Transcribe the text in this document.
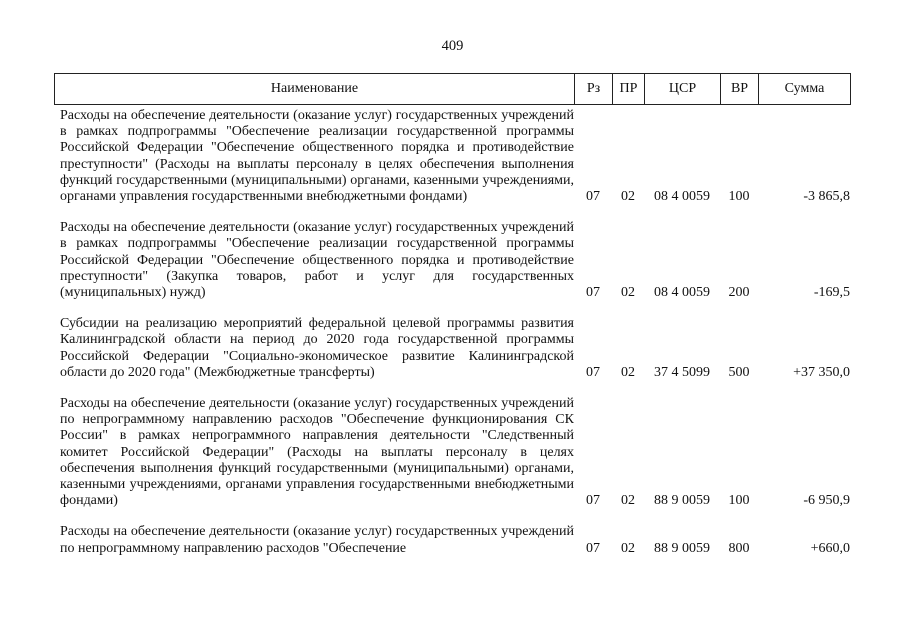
409
Наименование	Рз	ПР	ЦСР	ВР	Сумма
Расходы на обеспечение деятельности (оказание услуг) государственных учреждений в рамках подпрограммы "Обеспечение реализации государственной программы Российской Федерации "Обеспечение общественного порядка и противодействие преступности" (Расходы на выплаты персоналу в целях обеспечения выполнения функций государственными (муниципальными) органами, казенными учреждениями, органами управления государственными внебюджетными фондами)	07	02	08 4 0059	100	-3 865,8
Расходы на обеспечение деятельности (оказание услуг) государственных учреждений в рамках подпрограммы "Обеспечение реализации государственной программы Российской Федерации "Обеспечение общественного порядка и противодействие преступности" (Закупка товаров, работ и услуг для государственных (муниципальных) нужд)	07	02	08 4 0059	200	-169,5
Субсидии на реализацию мероприятий федеральной целевой программы развития Калининградской области на период до 2020 года государственной программы Российской Федерации "Социально-экономическое развитие Калининградской области до 2020 года" (Межбюджетные трансферты)	07	02	37 4 5099	500	+37 350,0
Расходы на обеспечение деятельности (оказание услуг) государственных учреждений по непрограммному направлению расходов "Обеспечение функционирования СК России" в рамках непрограммного направления деятельности "Следственный комитет Российской Федерации" (Расходы на выплаты персоналу в целях обеспечения выполнения функций государственными (муниципальными) органами, казенными учреждениями, органами управления государственными внебюджетными фондами)	07	02	88 9 0059	100	-6 950,9
Расходы на обеспечение деятельности (оказание услуг) государственных учреждений по непрограммному направлению расходов "Обеспечение	07	02	88 9 0059	800	+660,0
